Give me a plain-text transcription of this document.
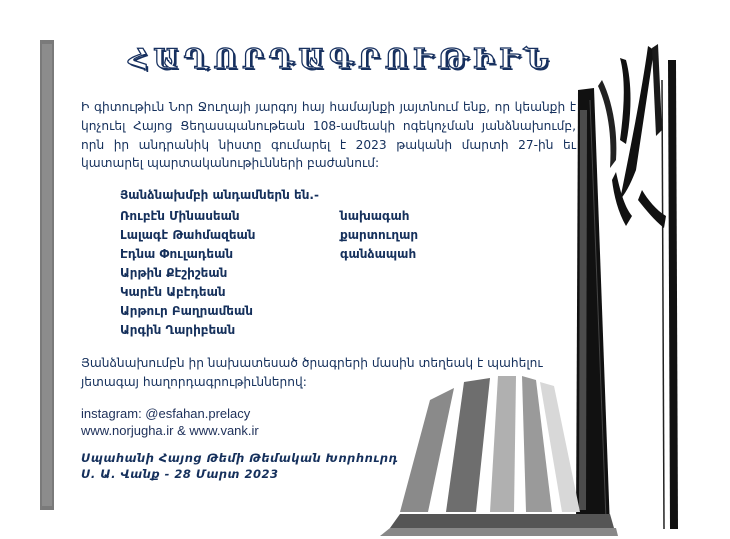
ՀԱՂՈՐԴԱԳՐՈՒԹԻՒՆ
Ի գիտութիւն Նոր Ջուղայի յարգոյ հայ համայնքի յայտնում ենք, որ կեանքի է կոչուել Հայոց Ցեղասպանութեան 108-ամեակի ոգեկոչման յանձնախումբ, որն իր անդրանիկ նիստը գումարել է 2023 թականի մարտի 27-ին եւ կատարել պարտականութիւնների բաժանում:
Յանձնախմբի անդամներն են.-
Ռուբէն Մինասեան	նախագահ
Լալագէ Թահմազեան	քարտուղար
Էդնա Փուլադեան	գանձապահ
Արթին Քէշիշեան
Կարէն Աբէդեան
Արթուր Բաղրամեան
Արգին Ղարիբեան
Յանձնախումբն իր նախատեսած ծրագրերի մասին տեղեակ է պահելու յետագայ հաղորդագրութիւններով:
instagram: @esfahan.prelacy
www.norjugha.ir & www.vank.ir
Սպահանի Հայոց Թեմի Թեմական Խորհուրդ
Ս. Ա. Վանք - 28 Մարտ 2023
